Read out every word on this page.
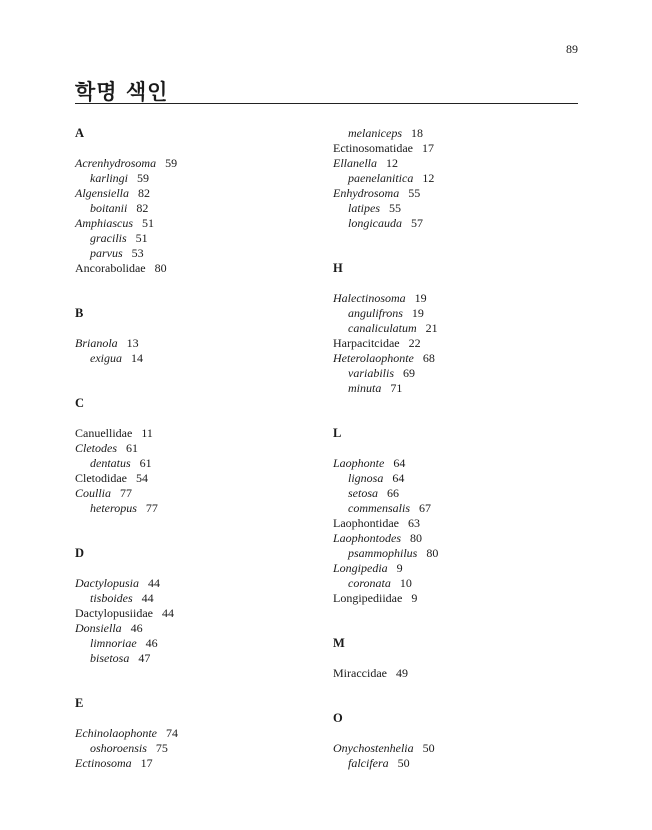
89
학명 색인
A
Acrenhydrosoma 59
karlingi 59
Algensiella 82
boitanii 82
Amphiascus 51
gracilis 51
parvus 53
Ancorabolidae 80
B
Brianola 13
exigua 14
C
Canuellidae 11
Cletodes 61
dentatus 61
Cletodidae 54
Coullia 77
heteropus 77
D
Dactylopusia 44
tisboides 44
Dactylopusiidae 44
Donsiella 46
limnoriae 46
bisetosa 47
E
Echinolaophonte 74
oshoroensis 75
Ectinosoma 17
melaniceps 18
Ectinosomatidae 17
Ellanella 12
paenelanitica 12
Enhydrosoma 55
latipes 55
longicauda 57
H
Halectinosoma 19
angulifrons 19
canaliculatum 21
Harpacitcidae 22
Heterolaophonte 68
variabilis 69
minuta 71
L
Laophonte 64
lignosa 64
setosa 66
commensalis 67
Laophontidae 63
Laophontodes 80
psammophilus 80
Longipedia 9
coronata 10
Longipediidae 9
M
Miraccidae 49
O
Onychostenhelia 50
falcifera 50
